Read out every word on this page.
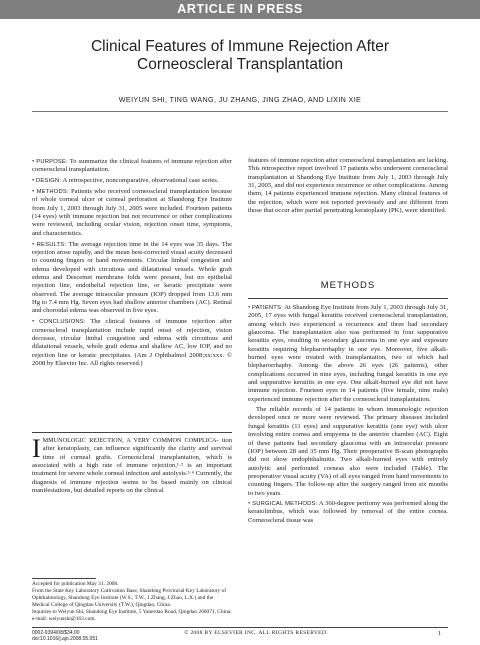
ARTICLE IN PRESS
Clinical Features of Immune Rejection After
Corneoscleral Transplantation
WEIYUN SHI, TING WANG, JU ZHANG, JING ZHAO, AND LIXIN XIE

• PURPOSE: To summarize the clinical features of immune rejection after corneoscleral transplantation.

• DESIGN: A retrospective, noncomparative, observational case series.

• METHODS: Patients who received corneoscleral transplantation because of whole corneal ulcer or corneal perforation at Shandong Eye Institute from July 1, 2003 through July 31, 2005 were included. Fourteen patients (14 eyes) with immune rejection but not recurrence or other complications were reviewed, including ocular vision, rejection onset time, symptoms, and characteristics.

• RESULTS: The average rejection time in the 14 eyes was 35 days. The rejection arose rapidly, and the mean best-corrected visual acuity decreased to counting fingers or hand movements. Circular limbal congestion and edema developed with circuitous and dilatational vessels. Whole graft edema and Descemet membrane folds were present, but no epithelial rejection line, endothelial rejection line, or keratic precipitate were observed. The average intraocular pressure (IOP) dropped from 13.6 mm Hg to 7.4 mm Hg. Seven eyes had shallow anterior chambers (AC). Retinal and choroidal edema was observed in five eyes.

• CONCLUSIONS: The clinical features of immune rejection after corneoscleral transplantation include rapid onset of rejection, vision decrease, circular limbal congestion and edema with circuitous and dilatational vessels, whole graft edema and shallow AC, low IOP, and no rejection line or keratic precipitates. (Am J Ophthalmol 2008;xx:xxx. © 2008 by Elsevier Inc. All rights reserved.)

I MMUNOLOGIC REJECTION, A VERY COMMON COMPLICA- tion after keratoplasty, can influence significantly the clarity and survival time of corneal grafts. Corneoscleral transplantation, which is associated with a high rate of immune rejection,¹·² is an important treatment for severe whole corneal infection and autolysis.³·⁴ Currently, the diagnosis of immune rejection seems to be based mainly on clinical manifestations, but detailed reports on the clinical

Accepted for publication May 31, 2008.

From the State Key Laboratory Cultivation Base, Shandong Provincial Key Laboratory of Ophthalmology, Shandong Eye Institute (W.S., T.W., J.Zhang, J.Zhao, L.X.) and the Medical College of Qingdao University (T.W.), Qingdao, China.

Inquiries to Weiyun Shi, Shandong Eye Institute, 5 Yanerdao Road, Qingdao 266071, China; e-mail: weiyunshi@163.com.

features of immune rejection after corneoscleral transplantation are lacking. This retrospective report involved 17 patients who underwent corneoscleral transplantation at Shandong Eye Institute from July 1, 2003 through July 31, 2005, and did not experience recurrence or other complications. Among them, 14 patients experienced immune rejection. Many clinical features of the rejection, which were not reported previously and are different from those that occur after partial penetrating keratoplasty (PK), were identified.

METHODS

• PATIENTS: At Shandong Eye Institute from July 1, 2003 through July 31, 2005, 17 eyes with fungal keratitis received corneoscleral transplantation, among which two experienced a recurrence and three had secondary glaucoma. The transplantation also was performed in four suppurative keratitis eyes, resulting in secondary glaucoma in one eye and exposure keratitis requiring blepharorrhaphy in one eye. Moreover, five alkali-burned eyes were treated with transplantation, two of which had blepharorrhaphy. Among the above 26 eyes (26 patients), other complications occurred in nine eyes, including fungal keratitis in one eye and suppurative keratitis in one eye. One alkali-burned eye did not have immune rejection. Fourteen eyes in 14 patients (five female, nine male) experienced immune rejection after the corneoscleral transplantation.

The reliable records of 14 patients in whom immunologic rejection developed once or more were reviewed. The primary diseases included fungal keratitis (11 eyes) and suppurative keratitis (one eye) with ulcer involving entire cornea and empyema in the anterior chamber (AC). Eight of these patients had secondary glaucoma with an intraocular pressure (IOP) between 28 and 35 mm Hg. Their preoperative B-scan photographs did not show endophthalmitis. Two alkali-burned eyes with entirely autolytic and perforated corneas also were included (Table). The preoperative visual acuity (VA) of all eyes ranged from hand movements to counting fingers. The follow-up after the surgery ranged from six months to two years.

• SURGICAL METHODS: A 360-degree peritomy was performed along the keratolimbus, which was followed by removal of the entire cornea. Corneoscleral tissue was

0002-9394/08/$34.00
doi:10.1016/j.ajo.2008.05.051
© 2008 BY ELSEVIER INC. ALL RIGHTS RESERVED.	1
